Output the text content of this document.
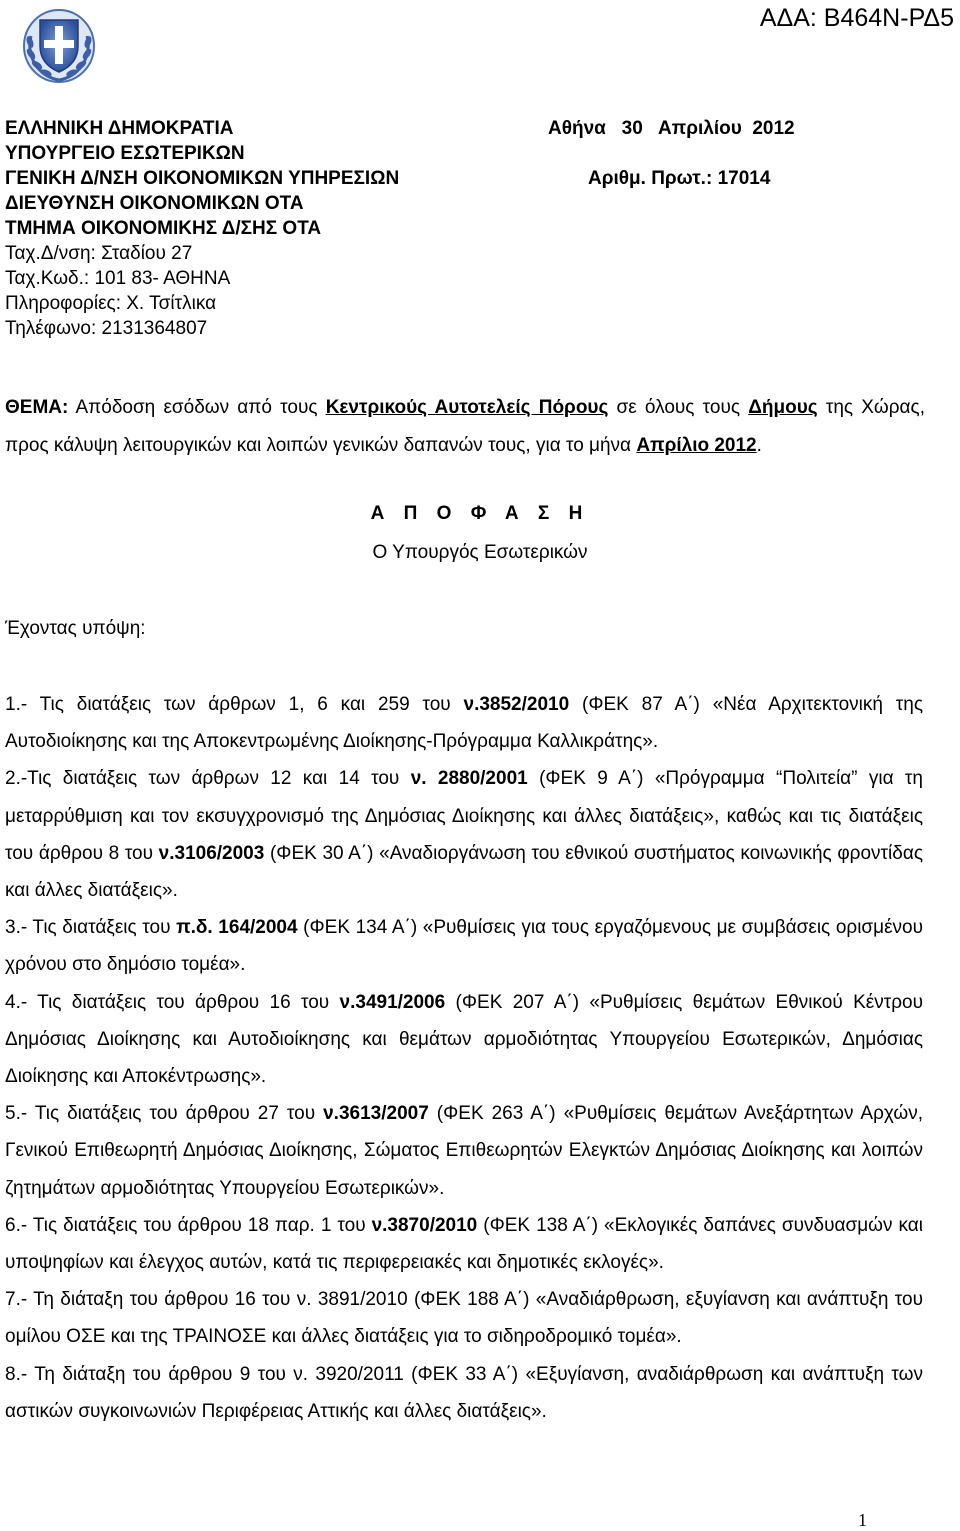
ΑΔΑ: Β464Ν-ΡΔ5
ΕΛΛΗΝΙΚΗ ΔΗΜΟΚΡΑΤΙΑ
ΥΠΟΥΡΓΕΙΟ ΕΣΩΤΕΡΙΚΩΝ
ΓΕΝΙΚΗ Δ/ΝΣΗ ΟΙΚΟΝΟΜΙΚΩΝ ΥΠΗΡΕΣΙΩΝ
ΔΙΕΥΘΥΝΣΗ ΟΙΚΟΝΟΜΙΚΩΝ ΟΤΑ
ΤΜΗΜΑ ΟΙΚΟΝΟΜΙΚΗΣ Δ/ΣΗΣ ΟΤΑ
Ταχ.Δ/νση: Σταδίου 27
Ταχ.Κωδ.: 101 83- ΑΘΗΝΑ
Πληροφορίες: Χ. Τσίτλικα
Τηλέφωνο: 2131364807
Αθήνα   30   Απριλίου  2012
Αριθμ. Πρωτ.: 17014
ΘΕΜΑ: Απόδοση εσόδων από τους Κεντρικούς Αυτοτελείς Πόρους σε όλους τους Δήμους της Χώρας, προς κάλυψη λειτουργικών και λοιπών γενικών δαπανών τους, για το μήνα Απρίλιο 2012.
Α Π Ο Φ Α Σ Η
Ο Υπουργός Εσωτερικών
Έχοντας υπόψη:

1.- Τις διατάξεις των άρθρων 1, 6 και 259 του ν.3852/2010 (ΦΕΚ 87 Α΄) «Νέα Αρχιτεκτονική της Αυτοδιοίκησης και της Αποκεντρωμένης Διοίκησης-Πρόγραμμα Καλλικράτης».

2.-Τις διατάξεις των άρθρων 12 και 14 του ν. 2880/2001 (ΦΕΚ 9 Α΄) «Πρόγραμμα “Πολιτεία” για τη μεταρρύθμιση και τον εκσυγχρονισμό της Δημόσιας Διοίκησης και άλλες διατάξεις», καθώς και τις διατάξεις του άρθρου 8 του ν.3106/2003 (ΦΕΚ 30 Α΄) «Αναδιοργάνωση του εθνικού συστήματος κοινωνικής φροντίδας και άλλες διατάξεις».

3.- Τις διατάξεις του π.δ. 164/2004 (ΦΕΚ 134 Α΄) «Ρυθμίσεις για τους εργαζόμενους με συμβάσεις ορισμένου χρόνου στο δημόσιο τομέα».

4.- Τις διατάξεις του άρθρου 16 του ν.3491/2006 (ΦΕΚ 207 Α΄) «Ρυθμίσεις θεμάτων Εθνικού Κέντρου Δημόσιας Διοίκησης και Αυτοδιοίκησης και θεμάτων αρμοδιότητας Υπουργείου Εσωτερικών, Δημόσιας Διοίκησης και Αποκέντρωσης».

5.- Τις διατάξεις του άρθρου 27 του ν.3613/2007 (ΦΕΚ 263 Α΄) «Ρυθμίσεις θεμάτων Ανεξάρτητων Αρχών, Γενικού Επιθεωρητή Δημόσιας Διοίκησης, Σώματος Επιθεωρητών Ελεγκτών Δημόσιας Διοίκησης και λοιπών ζητημάτων αρμοδιότητας Υπουργείου Εσωτερικών».

6.- Τις διατάξεις του άρθρου 18 παρ. 1 του ν.3870/2010 (ΦΕΚ 138 Α΄) «Εκλογικές δαπάνες συνδυασμών και υποψηφίων και έλεγχος αυτών, κατά τις περιφερειακές και δημοτικές εκλογές».

7.- Τη διάταξη του άρθρου 16 του ν. 3891/2010 (ΦΕΚ 188 Α΄) «Αναδιάρθρωση, εξυγίανση και ανάπτυξη του ομίλου ΟΣΕ και της ΤΡΑΙΝΟΣΕ και άλλες διατάξεις για το σιδηροδρομικό τομέα».

8.- Τη διάταξη του άρθρου 9 του ν. 3920/2011 (ΦΕΚ 33 Α΄) «Εξυγίανση, αναδιάρθρωση και ανάπτυξη των αστικών συγκοινωνιών Περιφέρειας Αττικής και άλλες διατάξεις».

1
